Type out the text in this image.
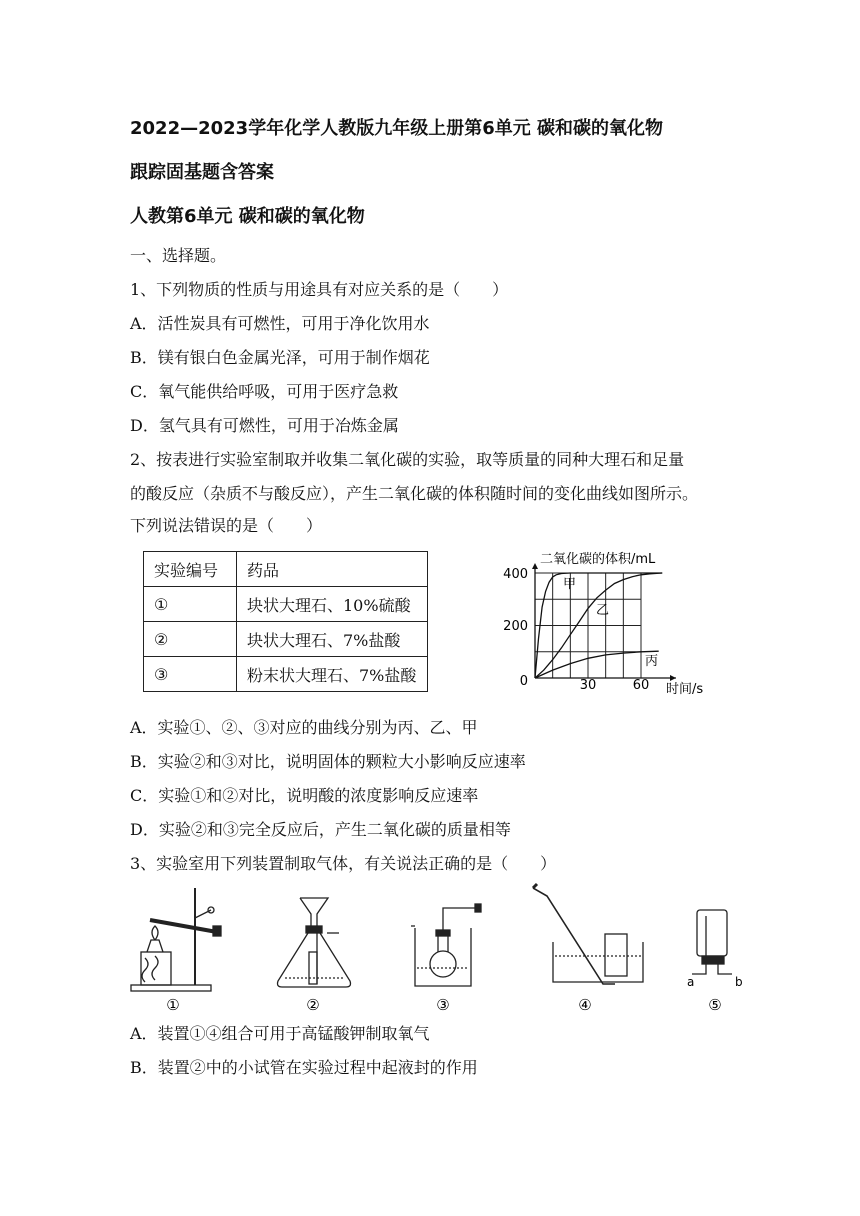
2022—2023学年化学人教版九年级上册第6单元 碳和碳的氧化物
跟踪固基题含答案
人教第6单元 碳和碳的氧化物
一、选择题。
1、下列物质的性质与用途具有对应关系的是（　　）
A．活性炭具有可燃性，可用于净化饮用水
B．镁有银白色金属光泽，可用于制作烟花
C．氧气能供给呼吸，可用于医疗急救
D．氢气具有可燃性，可用于冶炼金属
2、按表进行实验室制取并收集二氧化碳的实验，取等质量的同种大理石和足量
的酸反应（杂质不与酸反应），产生二氧化碳的体积随时间的变化曲线如图所示。
下列说法错误的是（　　）
实验编号	药品
①	块状大理石、10%硫酸
②	块状大理石、7%盐酸
③	粉末状大理石、7%盐酸
二氧化碳的体积/mL
时间/s
0	30	60
200
400
甲
乙
丙
A．实验①、②、③对应的曲线分别为丙、乙、甲
B．实验②和③对比，说明固体的颗粒大小影响反应速率
C．实验①和②对比，说明酸的浓度影响反应速率
D．实验②和③完全反应后，产生二氧化碳的质量相等
3、实验室用下列装置制取气体，有关说法正确的是（　　）
①	②	③	④	⑤
a	b
A．装置①④组合可用于高锰酸钾制取氧气
B．装置②中的小试管在实验过程中起液封的作用
